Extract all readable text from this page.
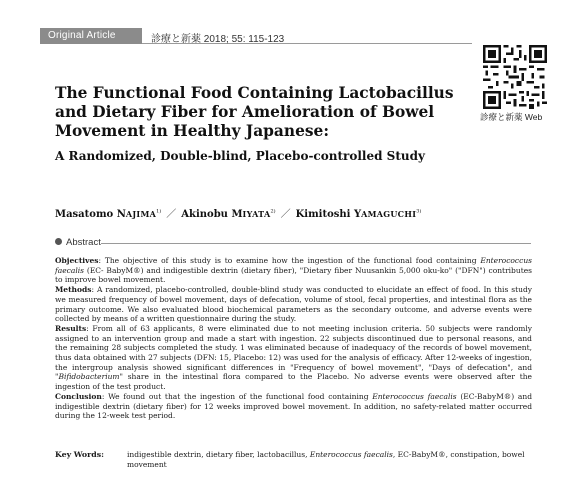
Original Article	診療と新薬 2018; 55: 115-123
診療と新薬 Web
The Functional Food Containing Lactobacillus and Dietary Fiber for Amelioration of Bowel Movement in Healthy Japanese:
A Randomized, Double-blind, Placebo-controlled Study
Masatomo NAJIMA$^{1)}$ ／ Akinobu MIYATA$^{2)}$ ／ Kimitoshi YAMAGUCHI$^{3)}$
Abstract

Objectives: The objective of this study is to examine how the ingestion of the functional food containing Enterococcus faecalis (EC- BabyM®) and indigestible dextrin (dietary fiber), "Dietary fiber Nuusankin 5,000 oku-ko" ("DFN") contributes to improve bowel movement.

Methods: A randomized, placebo-controlled, double-blind study was conducted to elucidate an effect of food. In this study we measured frequency of bowel movement, days of defecation, volume of stool, fecal properties, and intestinal flora as the primary outcome. We also evaluated blood biochemical parameters as the secondary outcome, and adverse events were collected by means of a written questionnaire during the study.

Results: From all of 63 applicants, 8 were eliminated due to not meeting inclusion criteria. 50 subjects were randomly assigned to an intervention group and made a start with ingestion. 22 subjects discontinued due to personal reasons, and the remaining 28 subjects completed the study. 1 was eliminated because of inadequacy of the records of bowel movement, thus data obtained with 27 subjects (DFN: 15, Placebo: 12) was used for the analysis of efficacy. After 12-weeks of ingestion, the intergroup analysis showed significant differences in "Frequency of bowel movement", "Days of defecation", and "Bifidobacterium" share in the intestinal flora compared to the Placebo. No adverse events were observed after the ingestion of the test product.

Conclusion: We found out that the ingestion of the functional food containing Enterococcus faecalis (EC-BabyM®) and indigestible dextrin (dietary fiber) for 12 weeks improved bowel movement. In addition, no safety-related matter occurred during the 12-week test period.

Key Words:	indigestible dextrin, dietary fiber, lactobacillus, Enterococcus faecalis, EC-BabyM®, constipation, bowel movement
